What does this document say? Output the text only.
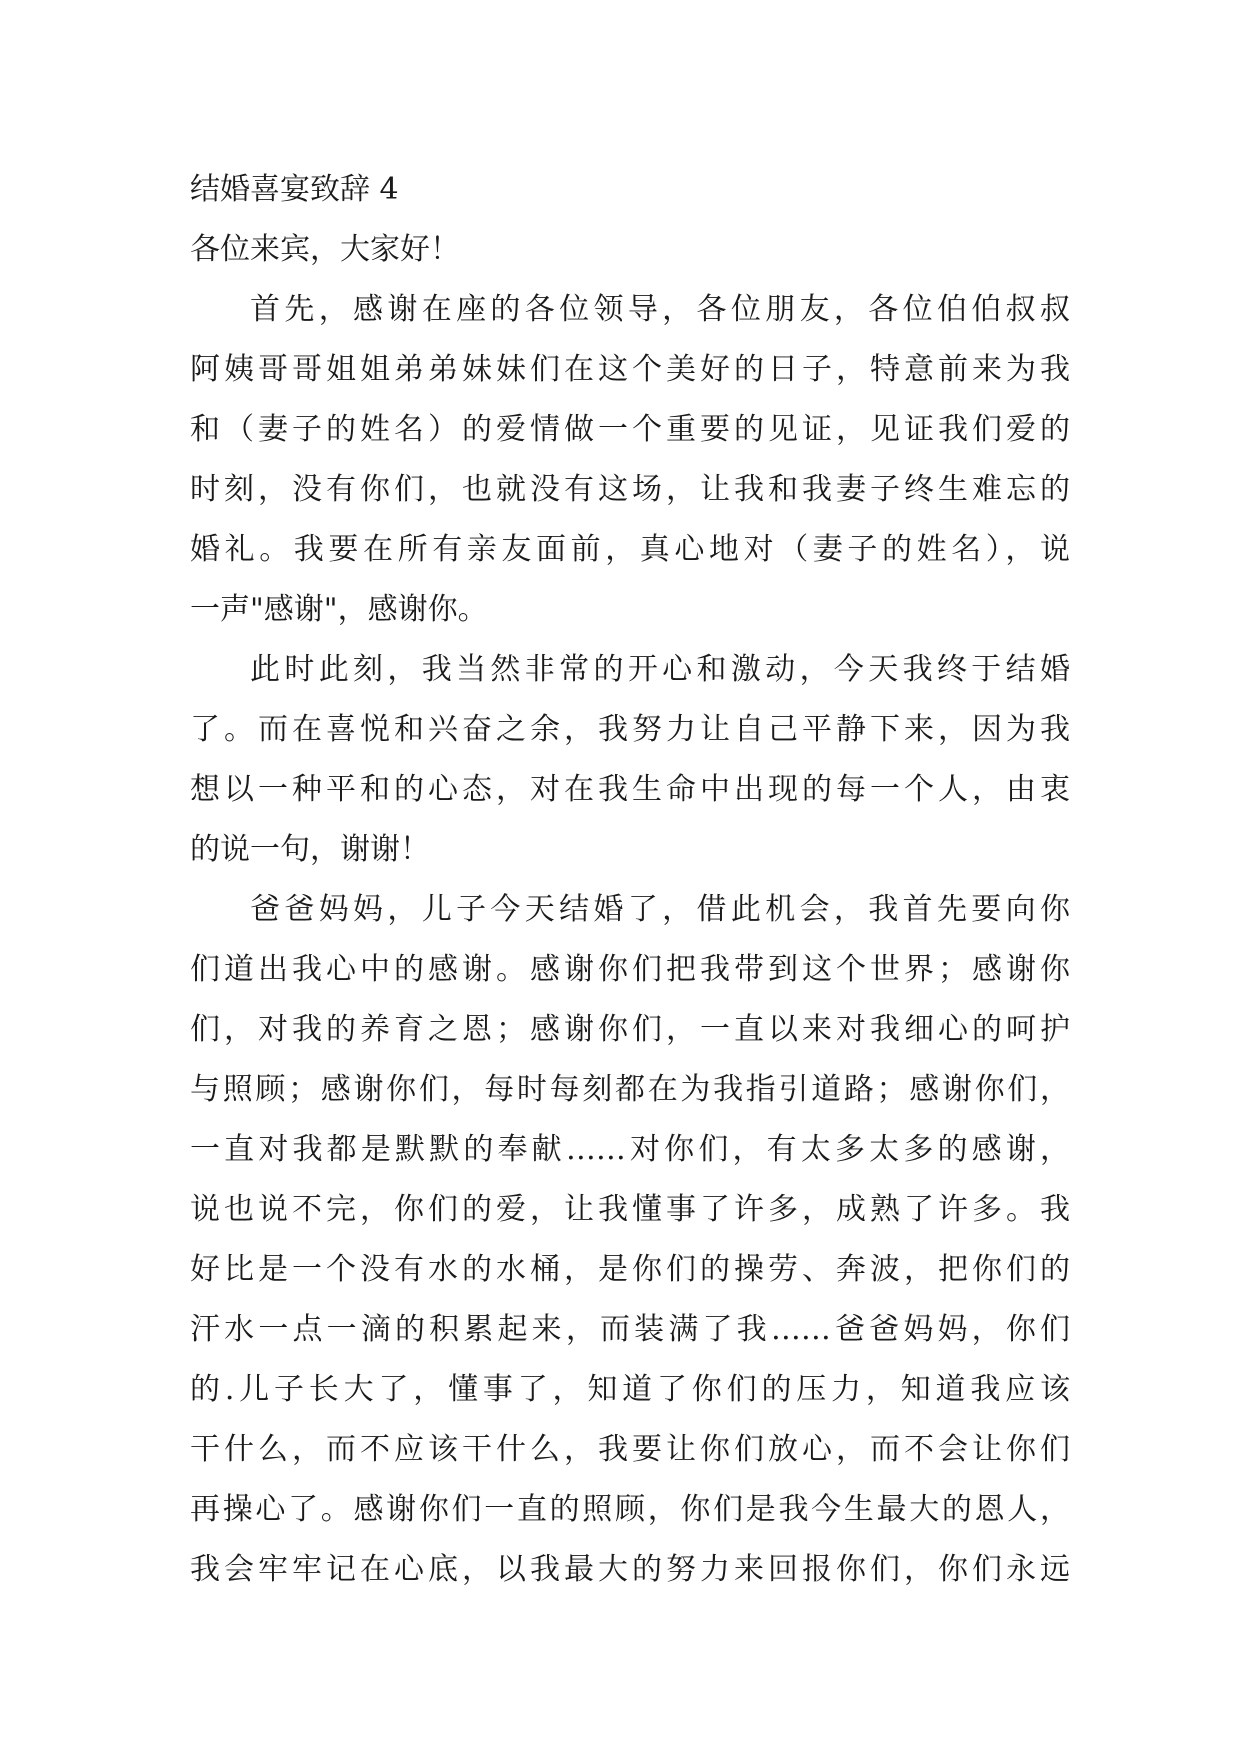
结婚喜宴致辞 4

各位来宾，大家好！

首先，感谢在座的各位领导，各位朋友，各位伯伯叔叔
阿姨哥哥姐姐弟弟妹妹们在这个美好的日子，特意前来为我
和（妻子的姓名）的爱情做一个重要的见证，见证我们爱的
时刻，没有你们，也就没有这场，让我和我妻子终生难忘的
婚礼。我要在所有亲友面前，真心地对（妻子的姓名），说
一声"感谢"，感谢你。
此时此刻，我当然非常的开心和激动，今天我终于结婚
了。而在喜悦和兴奋之余，我努力让自己平静下来，因为我
想以一种平和的心态，对在我生命中出现的每一个人，由衷
的说一句，谢谢！
爸爸妈妈，儿子今天结婚了，借此机会，我首先要向你
们道出我心中的感谢。感谢你们把我带到这个世界；感谢你
们，对我的养育之恩；感谢你们，一直以来对我细心的呵护
与照顾；感谢你们，每时每刻都在为我指引道路；感谢你们，
一直对我都是默默的奉献……对你们，有太多太多的感谢，
说也说不完，你们的爱，让我懂事了许多，成熟了许多。我
好比是一个没有水的水桶，是你们的操劳、奔波，把你们的
汗水一点一滴的积累起来，而装满了我……爸爸妈妈，你们
的.儿子长大了，懂事了，知道了你们的压力，知道我应该
干什么，而不应该干什么，我要让你们放心，而不会让你们
再操心了。感谢你们一直的照顾，你们是我今生最大的恩人，
我会牢牢记在心底，以我最大的努力来回报你们，你们永远
